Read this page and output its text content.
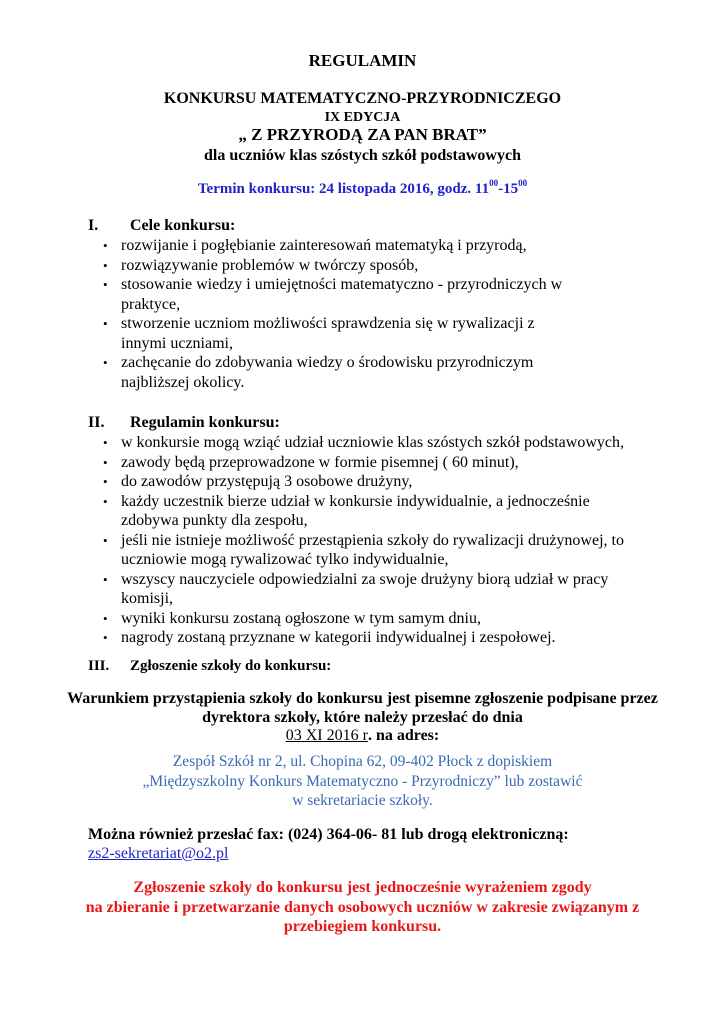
REGULAMIN
KONKURSU MATEMATYCZNO-PRZYRODNICZEGO
IX EDYCJA
„ Z PRZYRODĄ ZA PAN BRAT”
dla uczniów klas szóstych szkół podstawowych
Termin konkursu: 24 listopada 2016, godz. $11^{00}-15^{00}$
I. Cele konkursu:
• rozwijanie i pogłębianie zainteresowań matematyką i przyrodą,
• rozwiązywanie problemów w twórczy sposób,
• stosowanie wiedzy i umiejętności matematyczno - przyrodniczych w praktyce,
• stworzenie uczniom możliwości sprawdzenia się w rywalizacji z innymi uczniami,
• zachęcanie do zdobywania wiedzy o środowisku przyrodniczym najbliższej okolicy.
II. Regulamin konkursu:
• w konkursie mogą wziąć udział uczniowie klas szóstych szkół podstawowych,
• zawody będą przeprowadzone w formie pisemnej ( 60 minut),
• do zawodów przystępują 3 osobowe drużyny,
• każdy uczestnik bierze udział w konkursie indywidualnie, a jednocześnie zdobywa punkty dla zespołu,
• jeśli nie istnieje możliwość przestąpienia szkoły do rywalizacji drużynowej, to uczniowie mogą rywalizować tylko indywidualnie,
• wszyscy nauczyciele odpowiedzialni za swoje drużyny biorą udział w pracy komisji,
• wyniki konkursu zostaną ogłoszone w tym samym dniu,
• nagrody zostaną przyznane w kategorii indywidualnej i zespołowej.
III. Zgłoszenie szkoły do konkursu:
Warunkiem przystąpienia szkoły do konkursu jest pisemne zgłoszenie podpisane przez
dyrektora szkoły, które należy przesłać do dnia
03 XI 2016 r. na adres:
Zespół Szkół nr 2, ul. Chopina 62, 09-402 Płock z dopiskiem
„Międzyszkolny Konkurs Matematyczno - Przyrodniczy” lub zostawić
w sekretariacie szkoły.
Można również przesłać fax: (024) 364-06- 81 lub drogą elektroniczną:
zs2-sekretariat@o2.pl
Zgłoszenie szkoły do konkursu jest jednocześnie wyrażeniem zgody
na zbieranie i przetwarzanie danych osobowych uczniów w zakresie związanym z
przebiegiem konkursu.
